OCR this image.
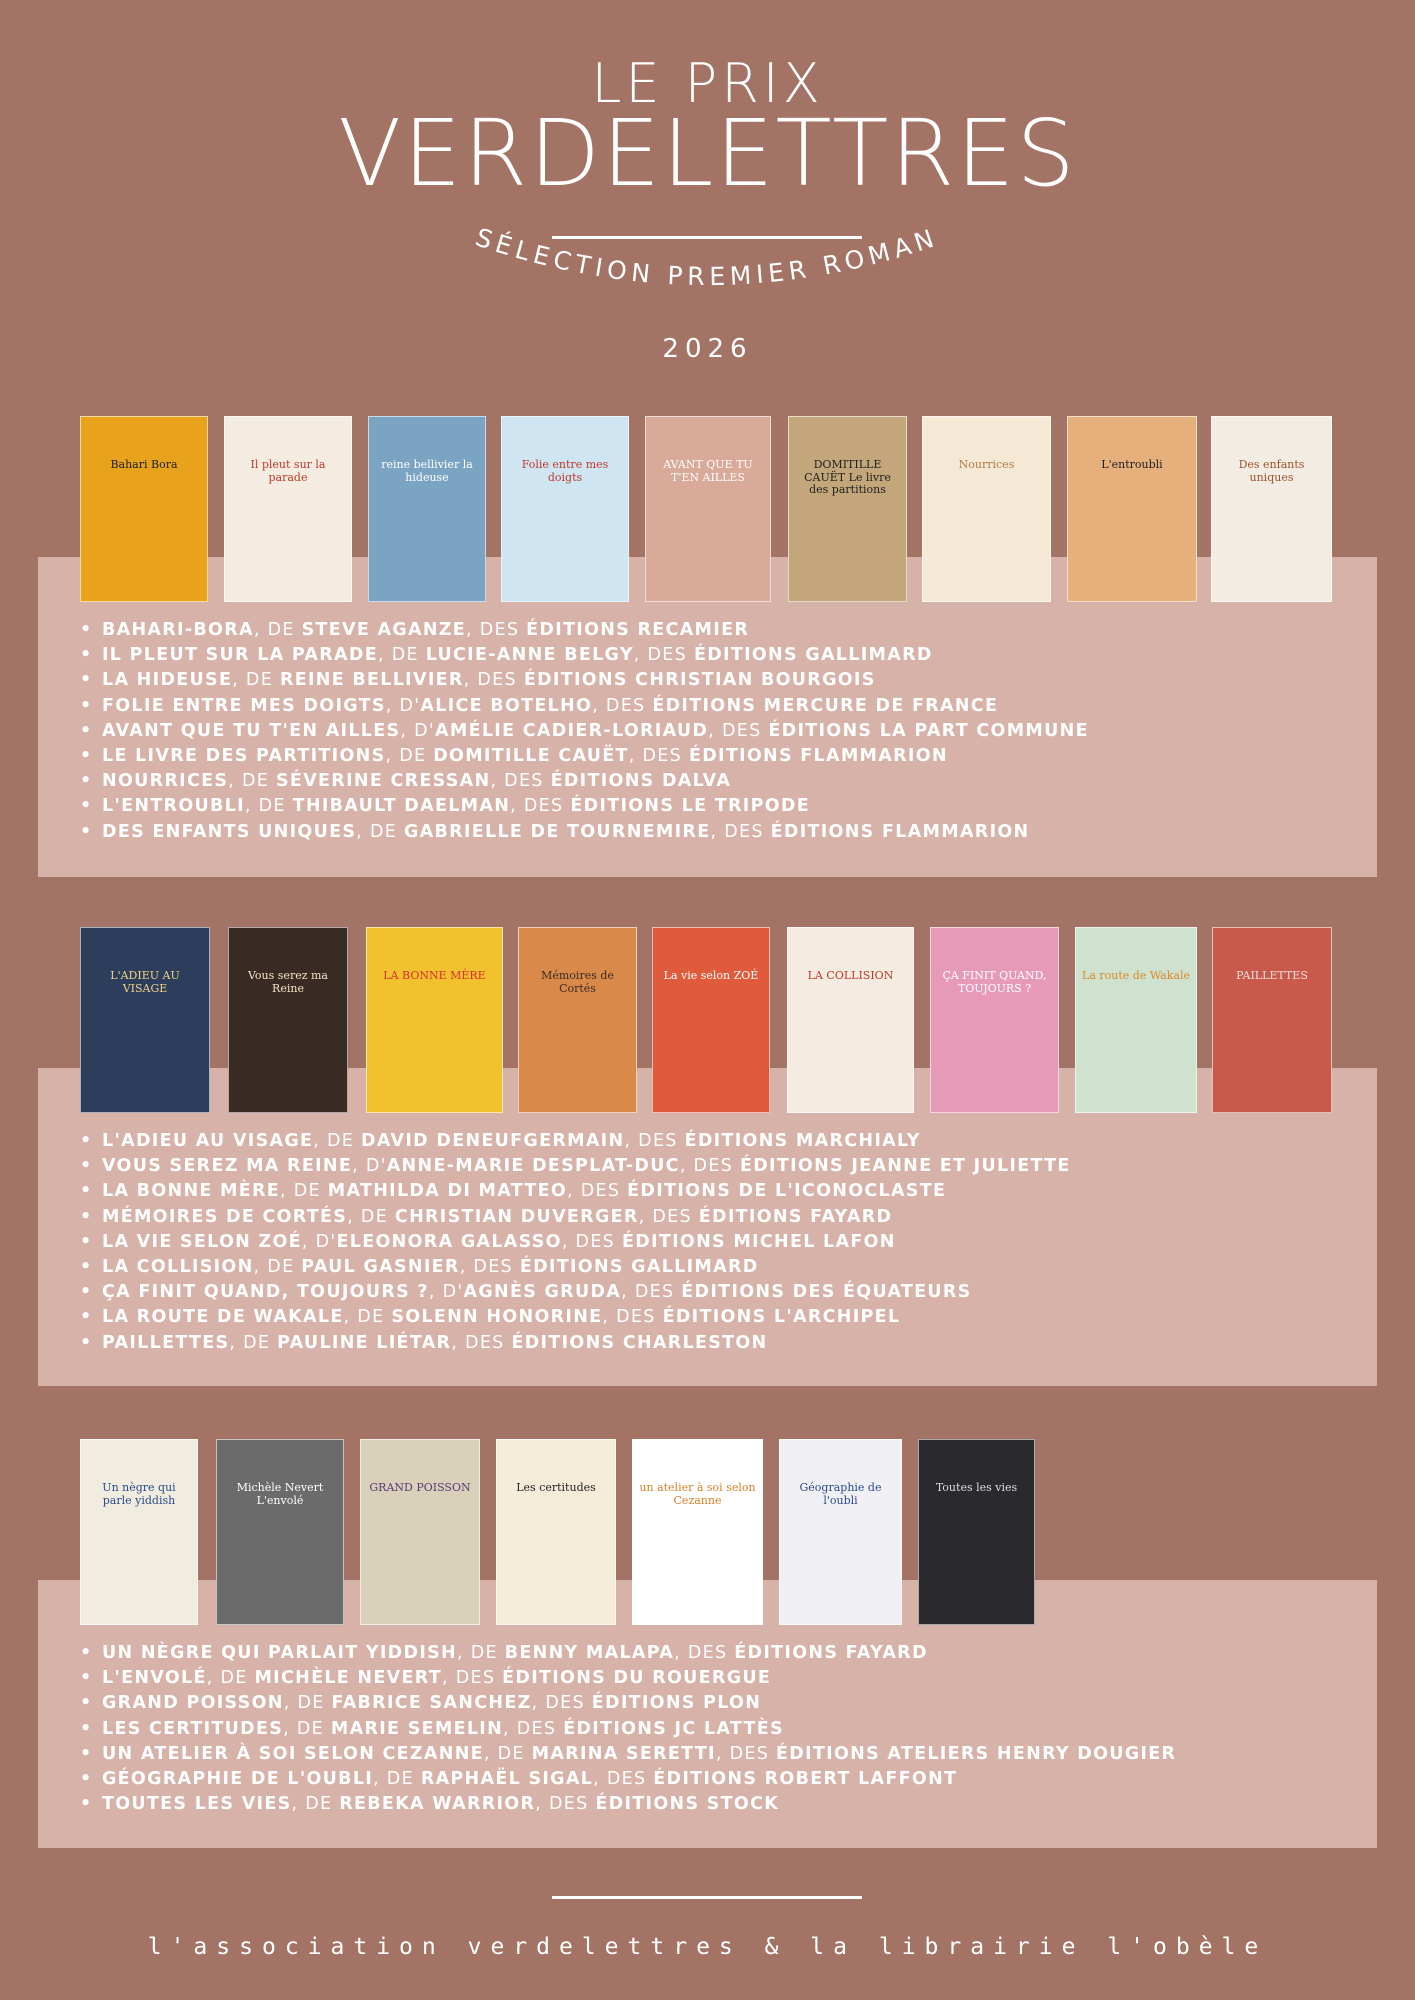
LE PRIX
VERDELETTRES
SÉLECTION PREMIER ROMAN
2026
Bahari Bora	Il pleut sur la parade
reine bellivier la hideuse
Folie entre mes doigts
AVANT QUE TU T'EN AILLES
DOMITILLE CAUËT Le livre des partitions
Nourrices	L'entroubli	Des enfants uniques
• BAHARI-BORA, DE STEVE AGANZE, DES ÉDITIONS RECAMIER
• IL PLEUT SUR LA PARADE, DE LUCIE-ANNE BELGY, DES ÉDITIONS GALLIMARD
• LA HIDEUSE, DE REINE BELLIVIER, DES ÉDITIONS CHRISTIAN BOURGOIS
• FOLIE ENTRE MES DOIGTS, D'ALICE BOTELHO, DES ÉDITIONS MERCURE DE FRANCE
• AVANT QUE TU T'EN AILLES, D'AMÉLIE CADIER-LORIAUD, DES ÉDITIONS LA PART COMMUNE
• LE LIVRE DES PARTITIONS, DE DOMITILLE CAUËT, DES ÉDITIONS FLAMMARION
• NOURRICES, DE SÉVERINE CRESSAN, DES ÉDITIONS DALVA
• L'ENTROUBLI, DE THIBAULT DAELMAN, DES ÉDITIONS LE TRIPODE
• DES ENFANTS UNIQUES, DE GABRIELLE DE TOURNEMIRE, DES ÉDITIONS FLAMMARION
L'ADIEU AU VISAGE
Vous serez ma Reine
LA BONNE MÈRE	Mémoires de Cortés
La vie selon ZOÉ	LA COLLISION	ÇA FINIT QUAND, TOUJOURS ?
La route de Wakale	PAILLETTES
• L'ADIEU AU VISAGE, DE DAVID DENEUFGERMAIN, DES ÉDITIONS MARCHIALY
• VOUS SEREZ MA REINE, D'ANNE-MARIE DESPLAT-DUC, DES ÉDITIONS JEANNE ET JULIETTE
• LA BONNE MÈRE, DE MATHILDA DI MATTEO, DES ÉDITIONS DE L'ICONOCLASTE
• MÉMOIRES DE CORTÉS, DE CHRISTIAN DUVERGER, DES ÉDITIONS FAYARD
• LA VIE SELON ZOÉ, D'ELEONORA GALASSO, DES ÉDITIONS MICHEL LAFON
• LA COLLISION, DE PAUL GASNIER, DES ÉDITIONS GALLIMARD
• ÇA FINIT QUAND, TOUJOURS ?, D'AGNÈS GRUDA, DES ÉDITIONS DES ÉQUATEURS
• LA ROUTE DE WAKALE, DE SOLENN HONORINE, DES ÉDITIONS L'ARCHIPEL
• PAILLETTES, DE PAULINE LIÉTAR, DES ÉDITIONS CHARLESTON
Un nègre qui parle yiddish
Michèle Nevert L'envolé
GRAND POISSON	Les certitudes	un atelier à soi selon Cezanne
Géographie de l'oubli
Toutes les vies
• UN NÈGRE QUI PARLAIT YIDDISH, DE BENNY MALAPA, DES ÉDITIONS FAYARD
• L'ENVOLÉ, DE MICHÈLE NEVERT, DES ÉDITIONS DU ROUERGUE
• GRAND POISSON, DE FABRICE SANCHEZ, DES ÉDITIONS PLON
• LES CERTITUDES, DE MARIE SEMELIN, DES ÉDITIONS JC LATTÈS
• UN ATELIER À SOI SELON CEZANNE, DE MARINA SERETTI, DES ÉDITIONS ATELIERS HENRY DOUGIER
• GÉOGRAPHIE DE L'OUBLI, DE RAPHAËL SIGAL, DES ÉDITIONS ROBERT LAFFONT
• TOUTES LES VIES, DE REBEKA WARRIOR, DES ÉDITIONS STOCK
l'association verdelettres & la librairie l'obèle
